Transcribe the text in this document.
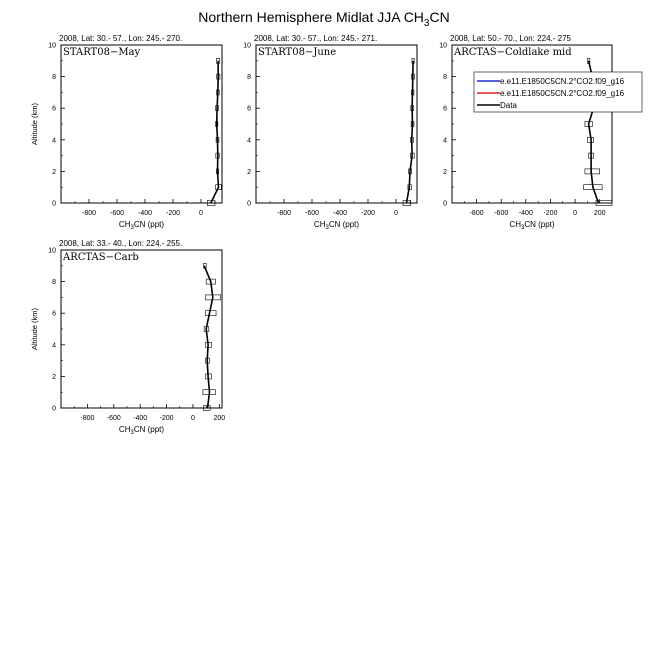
Northern Hemisphere Midlat JJA $CH_3CN$
2008, Lat: 30.- 57., Lon: 245.- 270.
START08−May
0
2
4
6
8
10
-800 -600 -400 -200	0
$CH_3CN$ (ppt)
Altitude (km)
2008, Lat: 30.- 57., Lon: 245.- 271.
START08−June
0
2
4
6
8
10
-800 -600 -400 -200	0
$CH_3CN$ (ppt)
2008, Lat: 50.- 70., Lon: 224.- 275
ARCTAS−Coldlake mid
0
2
4
6
8
10
-800 -600 -400 -200 0 200
$CH_3CN$ (ppt)
e.e11.E1850C5CN.2°CO2.f09_g16
e.e11.E1850C5CN.2°CO2.f09_g16
Data
2008, Lat: 33.- 40., Lon: 224.- 255.
ARCTAS−Carb
0
2
4
6
8
10
-800 -600 -400 -200 0	200
$CH_3CN$ (ppt)
Altitude (km)
